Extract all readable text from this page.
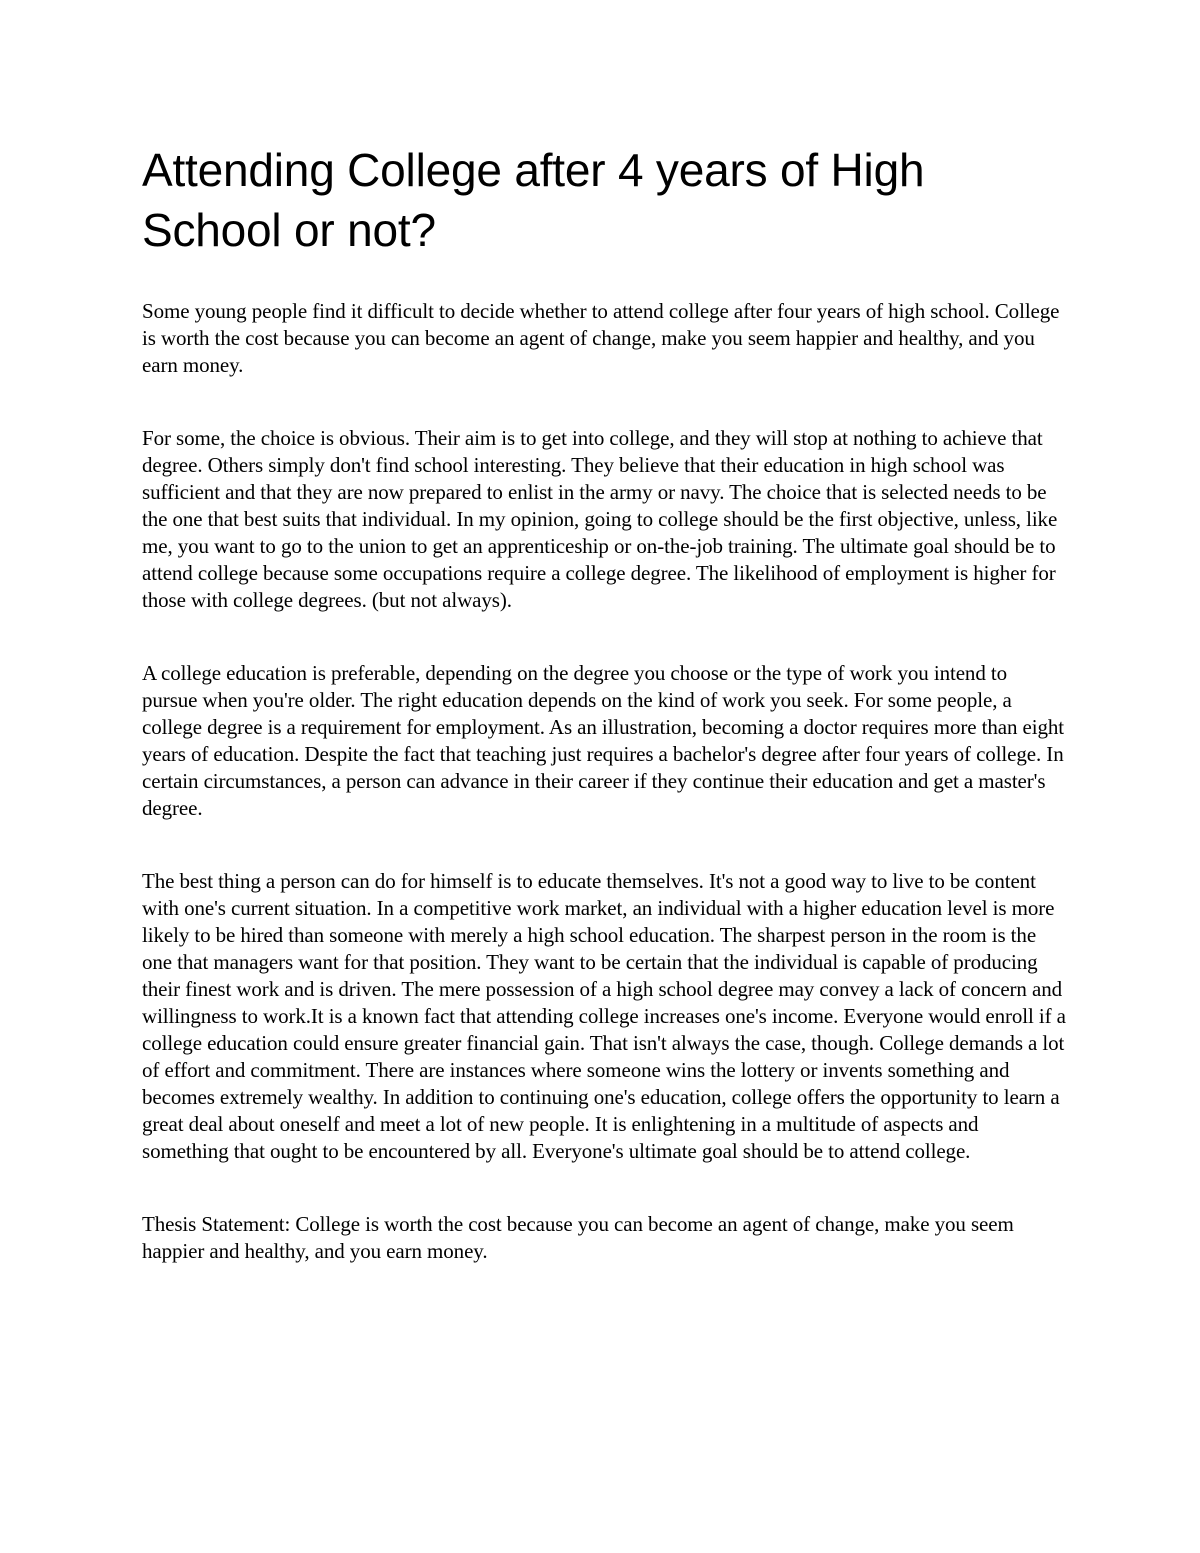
Attending College after 4 years of High School or not?

Some young people find it difficult to decide whether to attend college after four years of high school. College is worth the cost because you can become an agent of change, make you seem happier and healthy, and you earn money.

For some, the choice is obvious. Their aim is to get into college, and they will stop at nothing to achieve that degree. Others simply don't find school interesting. They believe that their education in high school was sufficient and that they are now prepared to enlist in the army or navy. The choice that is selected needs to be the one that best suits that individual. In my opinion, going to college should be the first objective, unless, like me, you want to go to the union to get an apprenticeship or on-the-job training. The ultimate goal should be to attend college because some occupations require a college degree. The likelihood of employment is higher for those with college degrees. (but not always).

A college education is preferable, depending on the degree you choose or the type of work you intend to pursue when you're older. The right education depends on the kind of work you seek. For some people, a college degree is a requirement for employment. As an illustration, becoming a doctor requires more than eight years of education. Despite the fact that teaching just requires a bachelor's degree after four years of college. In certain circumstances, a person can advance in their career if they continue their education and get a master's degree.

The best thing a person can do for himself is to educate themselves. It's not a good way to live to be content with one's current situation. In a competitive work market, an individual with a higher education level is more likely to be hired than someone with merely a high school education. The sharpest person in the room is the one that managers want for that position. They want to be certain that the individual is capable of producing their finest work and is driven. The mere possession of a high school degree may convey a lack of concern and willingness to work.It is a known fact that attending college increases one's income. Everyone would enroll if a college education could ensure greater financial gain. That isn't always the case, though. College demands a lot of effort and commitment. There are instances where someone wins the lottery or invents something and becomes extremely wealthy. In addition to continuing one's education, college offers the opportunity to learn a great deal about oneself and meet a lot of new people. It is enlightening in a multitude of aspects and something that ought to be encountered by all. Everyone's ultimate goal should be to attend college.

Thesis Statement: College is worth the cost because you can become an agent of change, make you seem happier and healthy, and you earn money.
